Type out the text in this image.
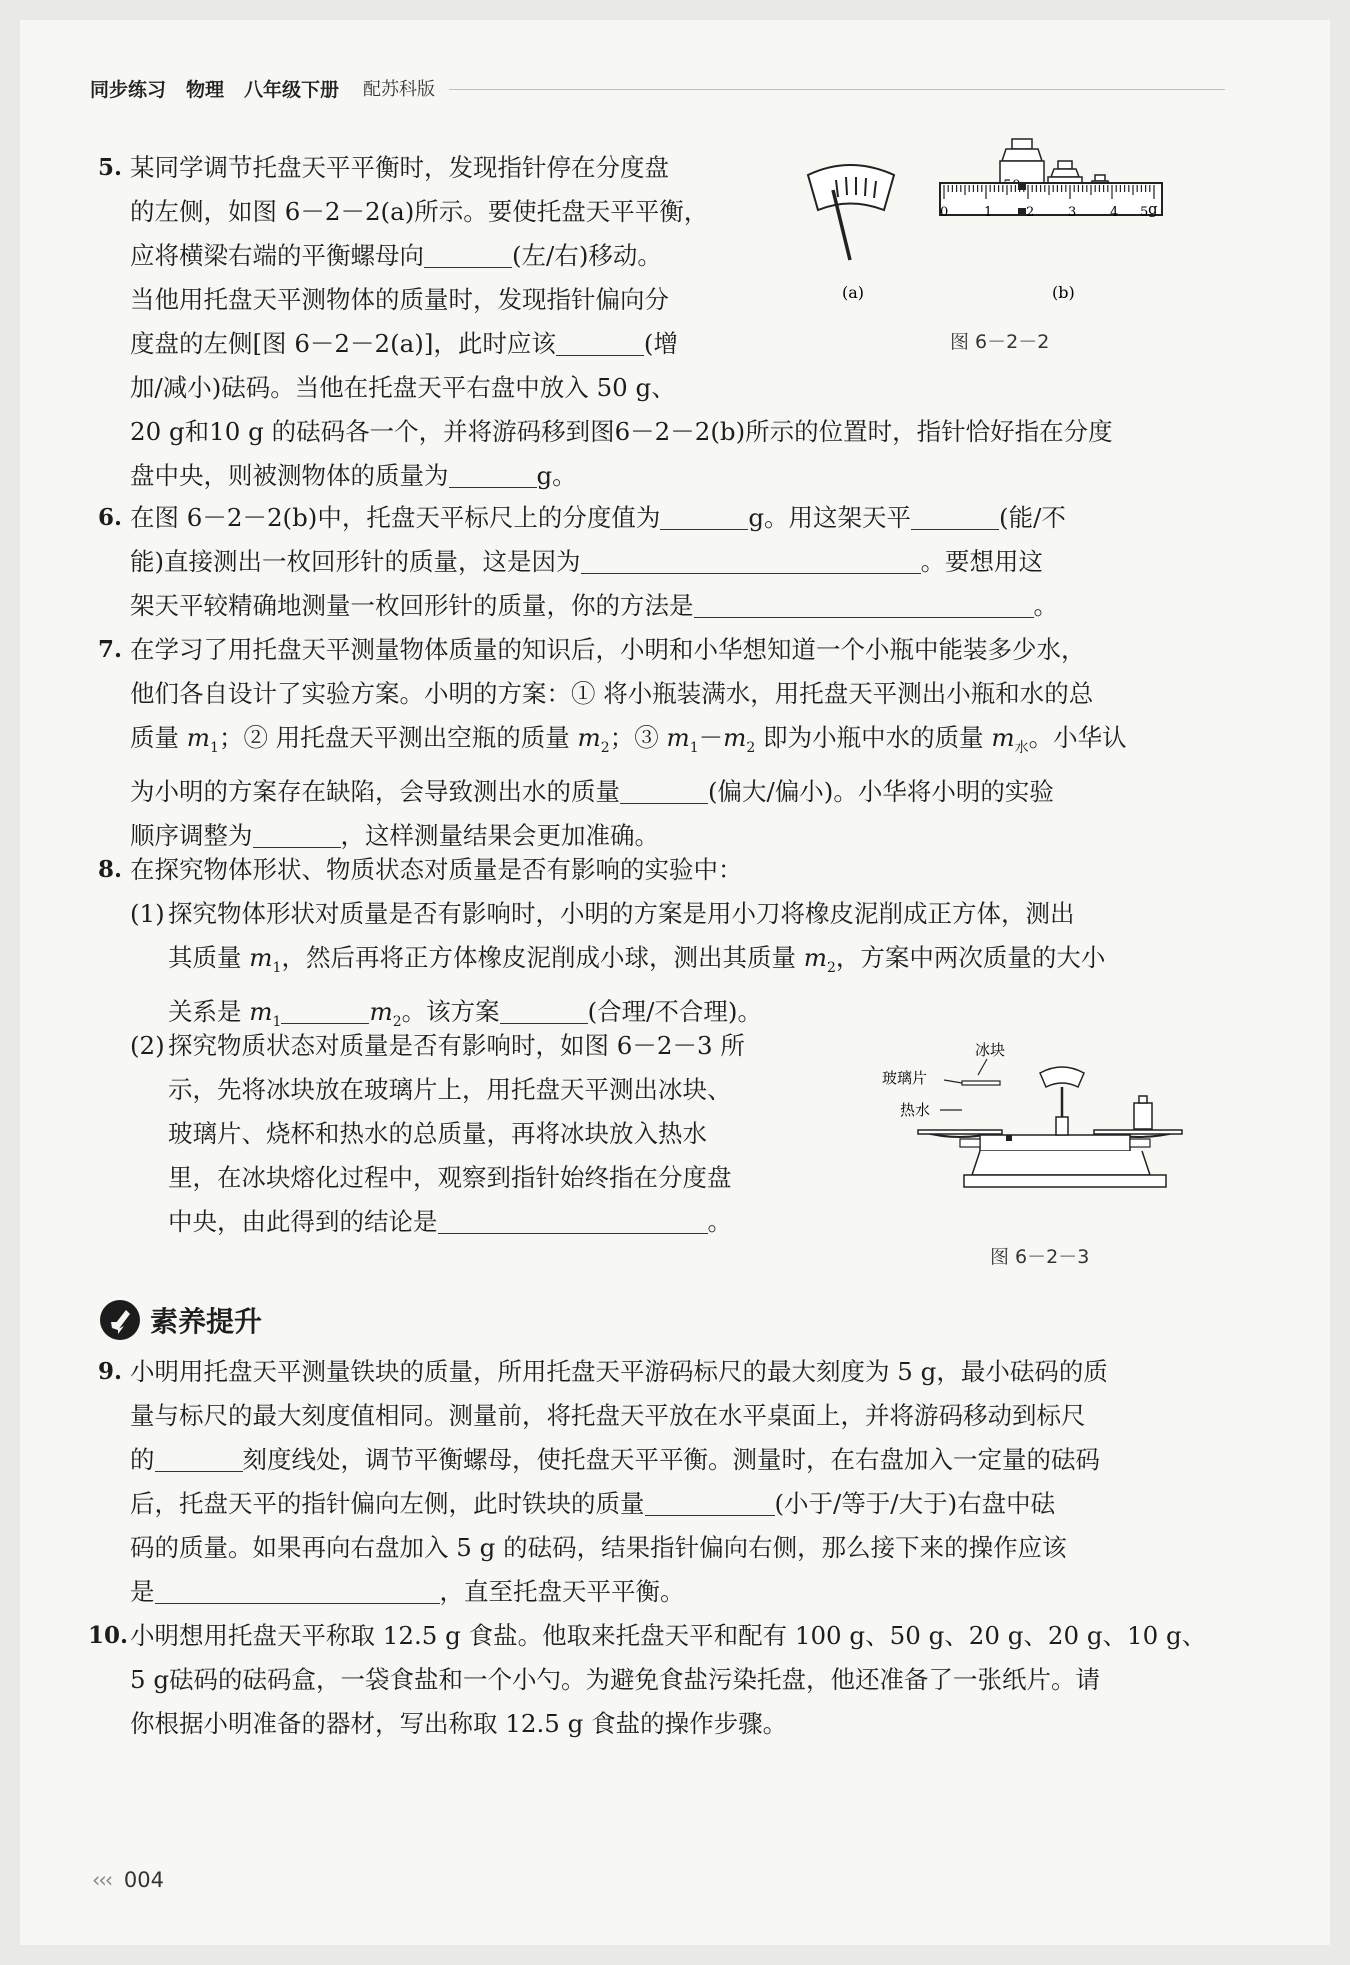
同步练习 物理 八年级下册 配苏科版
5. 某同学调节托盘天平平衡时，发现指针停在分度盘
的左侧，如图 6－2－2(a)所示。要使托盘天平平衡，
应将横梁右端的平衡螺母向	(左/右)移动。
当他用托盘天平测物体的质量时，发现指针偏向分
度盘的左侧[图 6－2－2(a)]，此时应该	(增
加/减小)砝码。当他在托盘天平右盘中放入 50 g、
20 g和10 g 的砝码各一个，并将游码移到图6－2－2(b)所示的位置时，指针恰好指在分度
盘中央，则被测物体的质量为	g。
(a)
0	1	2	3	4 5 g
(b)
图 6－2－2
6. 在图 6－2－2(b)中，托盘天平标尺上的分度值为	g。用这架天平	(能/不
能)直接测出一枚回形针的质量，这是因为	。要想用这
架天平较精确地测量一枚回形针的质量，你的方法是	。
7. 在学习了用托盘天平测量物体质量的知识后，小明和小华想知道一个小瓶中能装多少水，
他们各自设计了实验方案。小明的方案：① 将小瓶装满水，用托盘天平测出小瓶和水的总
质量 $m_1$；② 用托盘天平测出空瓶的质量 $m_2$；③ $m_1-m_2$ 即为小瓶中水的质量 $m_水$。小华认
为小明的方案存在缺陷，会导致测出水的质量	(偏大/偏小)。小华将小明的实验
顺序调整为	，这样测量结果会更加准确。
8. 在探究物体形状、物质状态对质量是否有影响的实验中：
(1) 探究物体形状对质量是否有影响时，小明的方案是用小刀将橡皮泥削成正方体，测出
其质量 $m_1$，然后再将正方体橡皮泥削成小球，测出其质量 $m_2$，方案中两次质量的大小
关系是 $m_1$	$m_2$。该方案	(合理/不合理)。
(2) 探究物质状态对质量是否有影响时，如图 6－2－3 所
示，先将冰块放在玻璃片上，用托盘天平测出冰块、
玻璃片、烧杯和热水的总质量，再将冰块放入热水
里，在冰块熔化过程中，观察到指针始终指在分度盘
中央，由此得到的结论是	。
冰块
玻璃片
热水
图 6－2－3
素养提升
9. 小明用托盘天平测量铁块的质量，所用托盘天平游码标尺的最大刻度为 5 g，最小砝码的质
量与标尺的最大刻度值相同。测量前，将托盘天平放在水平桌面上，并将游码移动到标尺
的	刻度线处，调节平衡螺母，使托盘天平平衡。测量时，在右盘加入一定量的砝码
后，托盘天平的指针偏向左侧，此时铁块的质量	(小于/等于/大于)右盘中砝
码的质量。如果再向右盘加入 5 g 的砝码，结果指针偏向右侧，那么接下来的操作应该
是	，直至托盘天平平衡。
10. 小明想用托盘天平称取 12.5 g 食盐。他取来托盘天平和配有 100 g、50 g、20 g、20 g、10 g、
5 g砝码的砝码盒，一袋食盐和一个小勺。为避免食盐污染托盘，他还准备了一张纸片。请
你根据小明准备的器材，写出称取 12.5 g 食盐的操作步骤。
‹‹‹ 004
